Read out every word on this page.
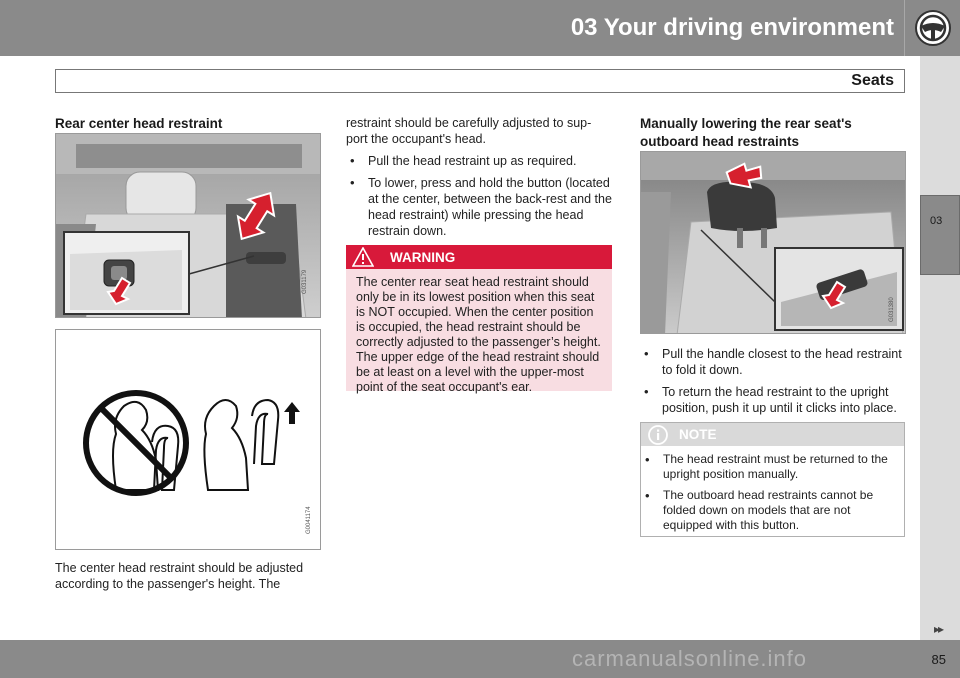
03 Your driving environment
Seats
03
Rear center head restraint
G031179
G0041174
The center head restraint should be adjusted according to the passenger's height. The
restraint should be carefully adjusted to sup-port the occupant's head.
• Pull the head restraint up as required.
• To lower, press and hold the button (located at the center, between the back-rest and the head restraint) while pressing the head restrain down.
WARNING
The center rear seat head restraint should only be in its lowest position when this seat is NOT occupied. When the center position is occupied, the head restraint should be correctly adjusted to the passenger’s height. The upper edge of the head restraint should be at least on a level with the upper-most point of the seat occupant's ear.
Manually lowering the rear seat's outboard head restraints
G031380
• Pull the handle closest to the head restraint to fold it down.
• To return the head restraint to the upright position, push it up until it clicks into place.
NOTE
• The head restraint must be returned to the upright position manually.
• The outboard head restraints cannot be folded down on models that are not equipped with this button.
▸▸
carmanualsonline.info	85
